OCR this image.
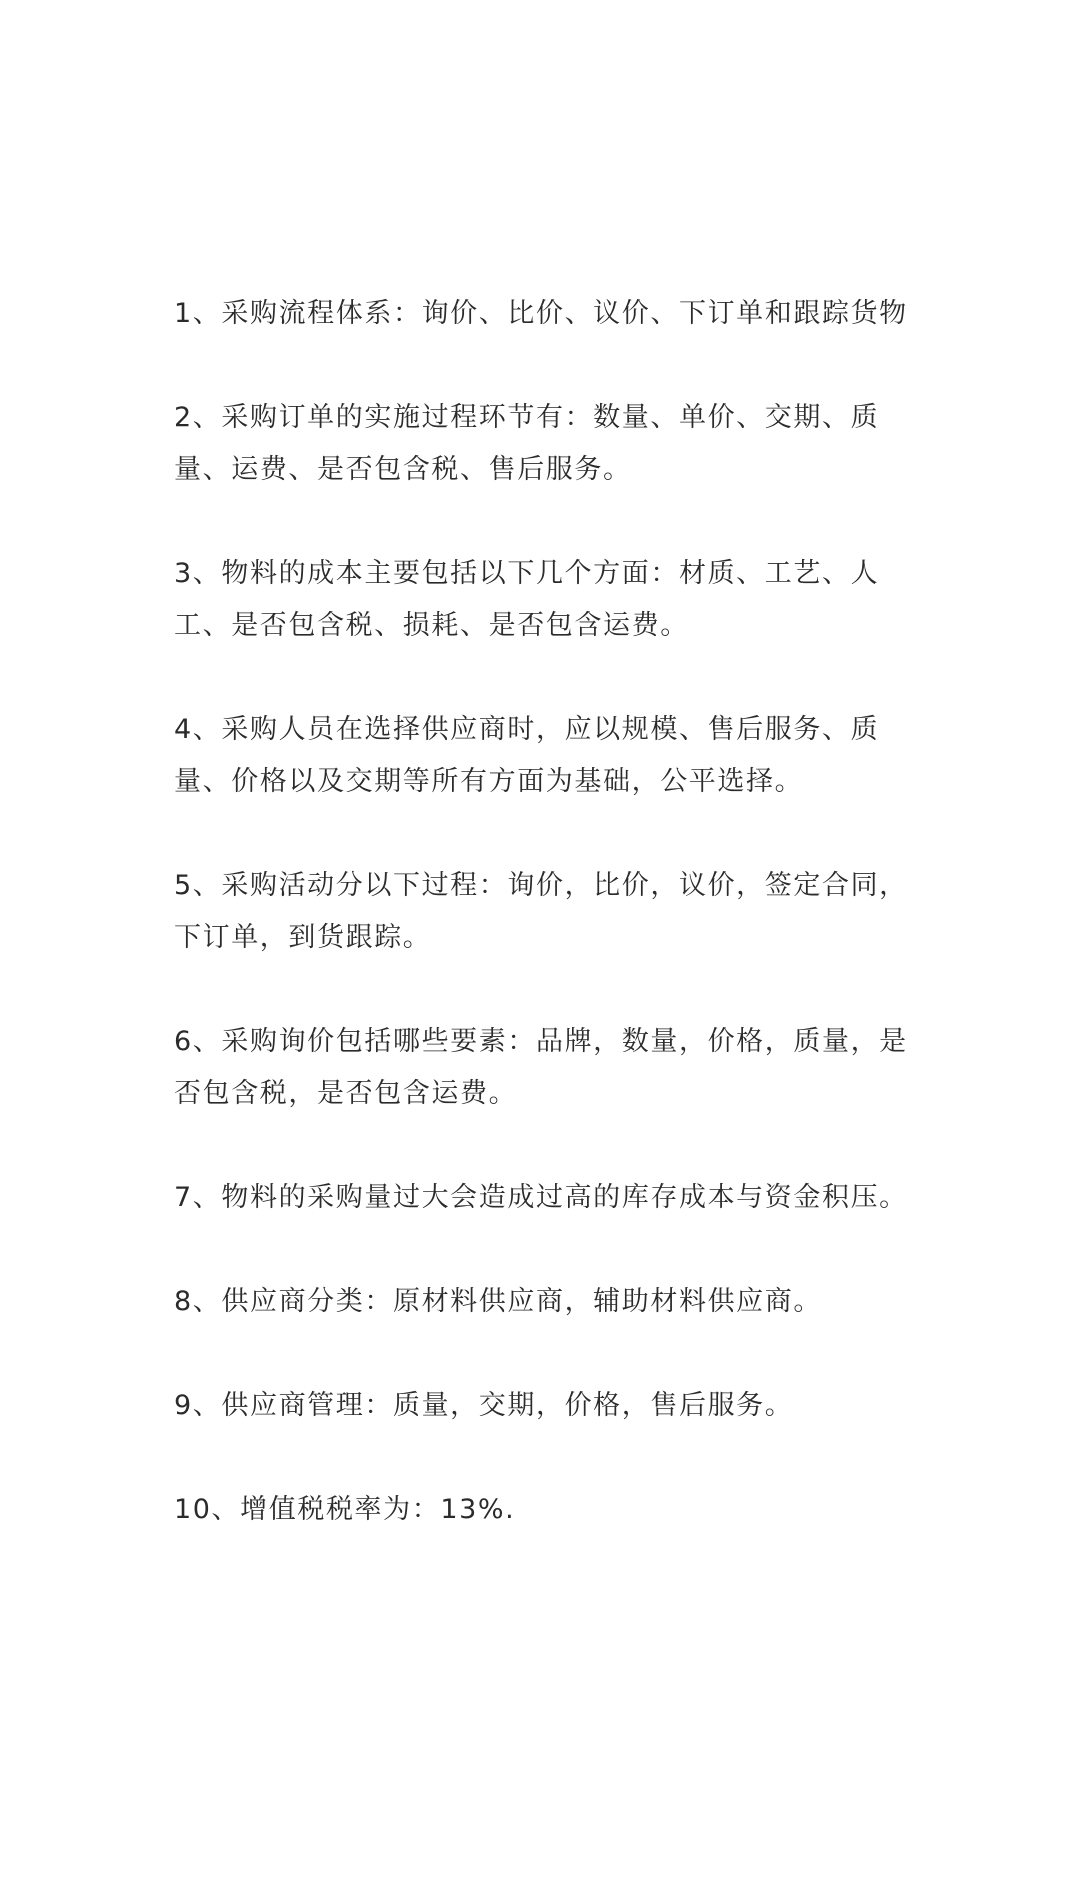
1、采购流程体系：询价、比价、议价、下订单和跟踪货物

2、采购订单的实施过程环节有：数量、单价、交期、质量、运费、是否包含税、售后服务。

3、物料的成本主要包括以下几个方面：材质、工艺、人工、是否包含税、损耗、是否包含运费。

4、采购人员在选择供应商时，应以规模、售后服务、质量、价格以及交期等所有方面为基础，公平选择。

5、采购活动分以下过程：询价，比价，议价，签定合同，下订单，到货跟踪。

6、采购询价包括哪些要素：品牌，数量，价格，质量，是否包含税，是否包含运费。

7、物料的采购量过大会造成过高的库存成本与资金积压。

8、供应商分类：原材料供应商，辅助材料供应商。

9、供应商管理：质量，交期，价格，售后服务。

10、增值税税率为：13%.
